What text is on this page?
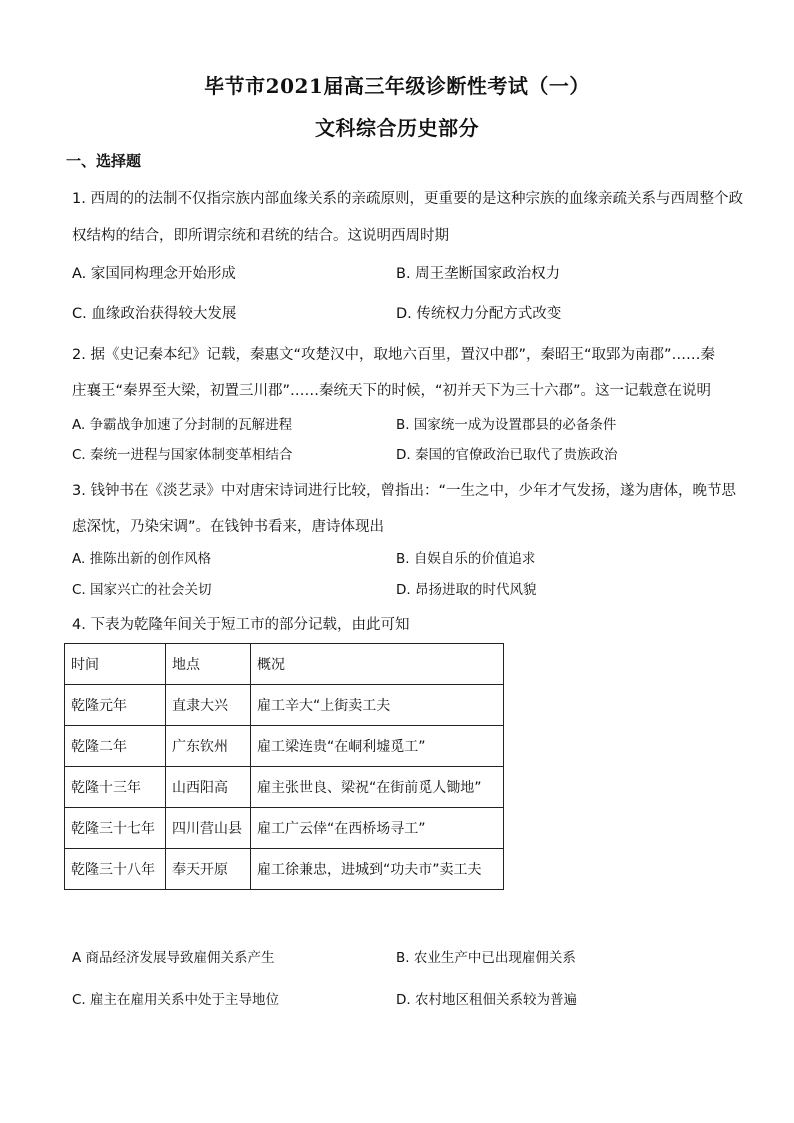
毕节市2021届高三年级诊断性考试（一）
文科综合历史部分
一、选择题
1. 西周的的法制不仅指宗族内部血缘关系的亲疏原则，更重要的是这种宗族的血缘亲疏关系与西周整个政
权结构的结合，即所谓宗统和君统的结合。这说明西周时期
A. 家国同构理念开始形成	B. 周王垄断国家政治权力
C. 血缘政治获得较大发展	D. 传统权力分配方式改变
2. 据《史记秦本纪》记载，秦惠文“攻楚汉中，取地六百里，置汉中郡”，秦昭王“取郢为南郡”……秦
庄襄王“秦界至大梁，初置三川郡”……秦统天下的时候，“初并天下为三十六郡”。这一记载意在说明
A. 争霸战争加速了分封制的瓦解进程	B. 国家统一成为设置郡县的必备条件
C. 秦统一进程与国家体制变革相结合	D. 秦国的官僚政治已取代了贵族政治
3. 钱钟书在《淡艺录》中对唐宋诗词进行比较，曾指出：“一生之中，少年才气发扬，遂为唐体，晚节思
虑深忱，乃染宋调”。在钱钟书看来，唐诗体现出
A. 推陈出新的创作风格	B. 自娱自乐的价值追求
C. 国家兴亡的社会关切	D. 昂扬进取的时代风貌
4. 下表为乾隆年间关于短工市的部分记载，由此可知
时间	地点	概况
乾隆元年	直隶大兴	雇工辛大“上街卖工夫
乾隆二年	广东钦州	雇工梁连贵“在峒利墟觅工”
乾隆十三年	山西阳高	雇主张世良、梁祝“在街前觅人锄地”
乾隆三十七年	四川营山县	雇工广云倖“在西桥场寻工”
乾隆三十八年	奉天开原	雇工徐兼忠，进城到“功夫市”卖工夫
A 商品经济发展导致雇佣关系产生	B. 农业生产中已出现雇佣关系
C. 雇主在雇用关系中处于主导地位	D. 农村地区租佃关系较为普遍
